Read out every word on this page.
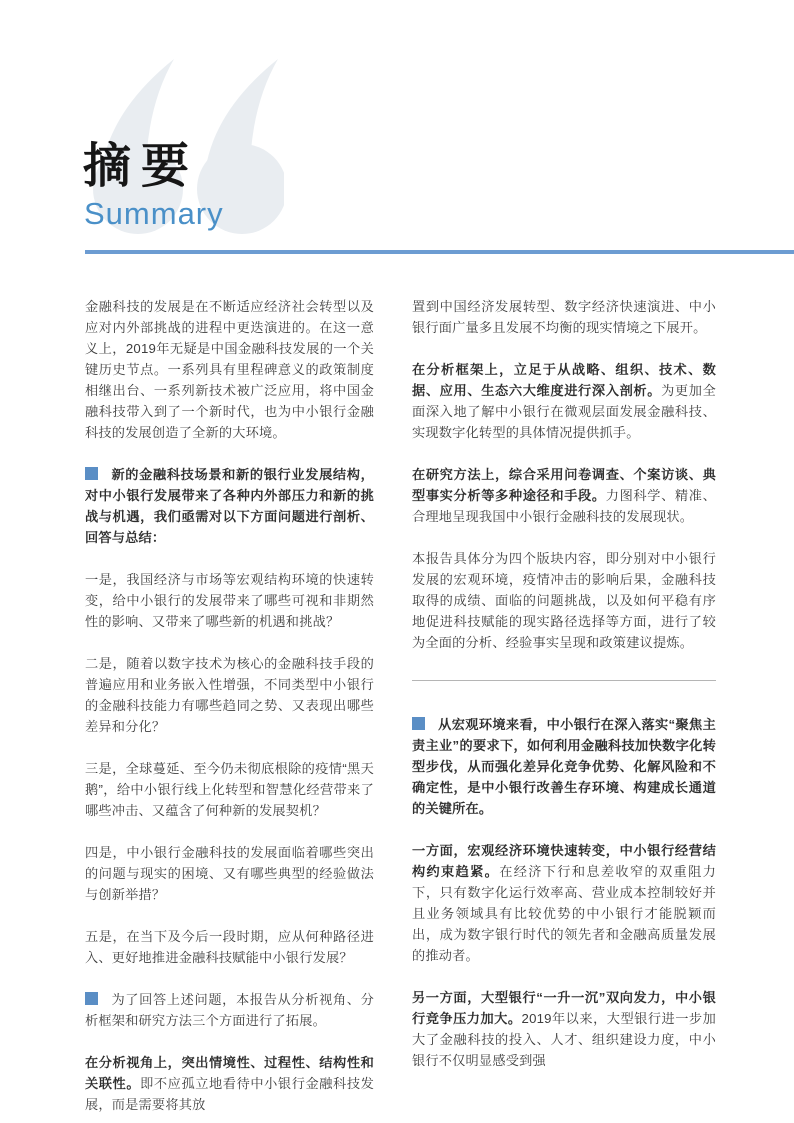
摘要
Summary

金融科技的发展是在不断适应经济社会转型以及应对内外部挑战的进程中更迭演进的。在这一意义上，2019年无疑是中国金融科技发展的一个关键历史节点。一系列具有里程碑意义的政策制度相继出台、一系列新技术被广泛应用，将中国金融科技带入到了一个新时代，也为中小银行金融科技的发展创造了全新的大环境。

新的金融科技场景和新的银行业发展结构，对中小银行发展带来了各种内外部压力和新的挑战与机遇，我们亟需对以下方面问题进行剖析、回答与总结：

一是，我国经济与市场等宏观结构环境的快速转变，给中小银行的发展带来了哪些可视和非期然性的影响、又带来了哪些新的机遇和挑战？

二是，随着以数字技术为核心的金融科技手段的普遍应用和业务嵌入性增强，不同类型中小银行的金融科技能力有哪些趋同之势、又表现出哪些差异和分化？

三是，全球蔓延、至今仍未彻底根除的疫情“黑天鹅”，给中小银行线上化转型和智慧化经营带来了哪些冲击、又蕴含了何种新的发展契机？

四是，中小银行金融科技的发展面临着哪些突出的问题与现实的困境、又有哪些典型的经验做法与创新举措？

五是，在当下及今后一段时期，应从何种路径进入、更好地推进金融科技赋能中小银行发展？

为了回答上述问题，本报告从分析视角、分析框架和研究方法三个方面进行了拓展。

在分析视角上，突出情境性、过程性、结构性和关联性。即不应孤立地看待中小银行金融科技发展，而是需要将其放

置到中国经济发展转型、数字经济快速演进、中小银行面广量多且发展不均衡的现实情境之下展开。

在分析框架上，立足于从战略、组织、技术、数据、应用、生态六大维度进行深入剖析。为更加全面深入地了解中小银行在微观层面发展金融科技、实现数字化转型的具体情况提供抓手。

在研究方法上，综合采用问卷调查、个案访谈、典型事实分析等多种途径和手段。力图科学、精准、合理地呈现我国中小银行金融科技的发展现状。

本报告具体分为四个版块内容，即分别对中小银行发展的宏观环境，疫情冲击的影响后果，金融科技取得的成绩、面临的问题挑战，以及如何平稳有序地促进科技赋能的现实路径选择等方面，进行了较为全面的分析、经验事实呈现和政策建议提炼。

从宏观环境来看，中小银行在深入落实“聚焦主责主业”的要求下，如何利用金融科技加快数字化转型步伐，从而强化差异化竞争优势、化解风险和不确定性，是中小银行改善生存环境、构建成长通道的关键所在。

一方面，宏观经济环境快速转变，中小银行经营结构约束趋紧。在经济下行和息差收窄的双重阻力下，只有数字化运行效率高、营业成本控制较好并且业务领域具有比较优势的中小银行才能脱颖而出，成为数字银行时代的领先者和金融高质量发展的推动者。

另一方面，大型银行“一升一沉”双向发力，中小银行竞争压力加大。2019年以来，大型银行进一步加大了金融科技的投入、人才、组织建设力度，中小银行不仅明显感受到强
